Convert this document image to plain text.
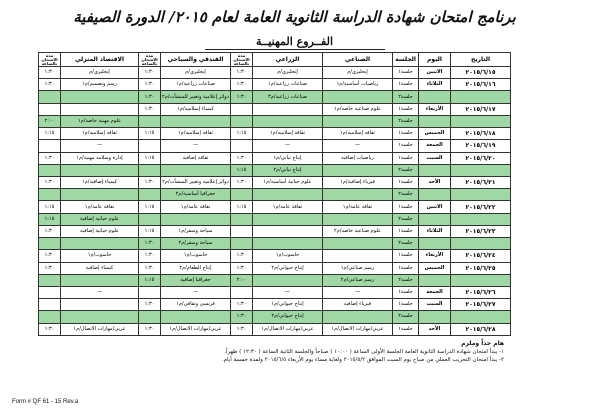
برنامج امتحان شهادة الدراسة الثانوية العامة لعام ٢٠١٥/ الدورة الصيفية
الفــروع المهنيــة
التاريخ	اليوم	الجلسة	الصناعي	الزراعي	مدة الامتحان بالساعة	الفندقي والسياحي	مدة الامتحان بالساعة	الاقتصاد المنزلي	مدة الامتحان بالساعة
٢٠١٥/٦/١٥	الاثنين	جلسة١	إنجليزي/م	إنجليزي/م	١:٣٠	إنجليزي/م	١:٣٠	إنجليزي/م	١:٣٠
٢٠١٥/٦/١٦	الثلاثاء	جلسة١	رياضيات أساسية/م١	صناعات زراعية/م١	١:٣٠	صناعات زراعية/م١	١:٣٠	رسم وتصميم/م١	١:٣٠
		جلسة٢		صناعات زراعية/م٣	١:٣٠	دوائر إعلامية وتغيير للمنشآت/م٢	١:٣٠		
٢٠١٥/٦/١٧	الأربعاء	جلسة١	علوم صناعية خاصة/م١			كيمياء إسلامية/م١	١:٣٠		
		جلسة٢						علوم مهنية خاصة/م١	٢:٠٠
٢٠١٥/٦/١٨	الخميس	جلسة١	ثقافة إسلامية/م١	ثقافة إسلامية/م١	١:١٥	ثقافة إسلامية/م١	١:١٥	ثقافة إسلامية/م١	١:١٥
٢٠١٥/٦/١٩	الجمعة	جلسة١	—	—		—		—	
٢٠١٥/٦/٢٠	السبت	جلسة١	رياضيات إضافية	إنتاج نباتي/م١	١:٣٠	ثقافة إضافية	١:١٥	إدارة وسلامة مهنية/م١	١:٣٠
		جلسة٢		إنتاج نباتي/م٢	١:١٥				
٢٠١٥/٦/٢١	الأحد	جلسة١	فيزياء إضافية/م١	علوم حياتية أساسية/م١	١:٣٠	دوائر إعلامية وتغيير المنشآت/م٢	١:٣٠	كيمياء إضافية/م١	١:٣٠
		جلسة٢				جغرافيا أساسية/م٢			
٢٠١٥/٦/٢٢	الاثنين	جلسة١	ثقافة عامة/م١	ثقافة عامة/م١	١:١٥	ثقافة عامة/م١	١:١٥	ثقافة عامة/م١	١:١٥
		جلسة٢						علوم حياتية إضافية	١:١٥
٢٠١٥/٦/٢٣	الثلاثاء	جلسة١	علوم صناعية خاصة/م٢			سياحة وسفر/م١	١:١٥	علوم حياتية إضافية	١:٣٠
		جلسة٢				سياحة وسفر/م٢	١:٣٠		
٢٠١٥/٦/٢٤	الأربعاء	جلسة١		حاسوب/م١	١:٣٠	حاسوب/م١	١:٣٠	حاسوب/م١	١:٣٠
٢٠١٥/٦/٢٥	الخميس	جلسة١	رسم صناعي/م١	إنتاج حيواني/م٢	١:٣٠	إنتاج الطعام/م٢	١:٣٠	كيمياء إضافية	١:٣٠
		جلسة٢	رسم صناعي/م٢		٢:٠٠	جغرافيا إضافية	١:١٥		
٢٠١٥/٦/٢٦	الجمعة	جلسة١	—	—		—		—	
٢٠١٥/٦/٢٧	السبت	جلسة١	فيزياء إضافية	إنتاج حيواني/م١	١:٣٠	فرنسي وثقافي/م١	١:٣٠		
		جلسة٢		إنتاج حيواني/م٢	١:٣٠				
٢٠١٥/٦/٢٨	الأحد	جلسة١	عربي/مهارات الاتصال/م١	عربي/مهارات الاتصال/م١	١:٣٠	عربي/مهارات الاتصال/م١	١:٣٠	عربي/مهارات الاتصال/م١	١:٣٠
هام جداً وملزم
١- يبدأ امتحان شهادة الدراسة الثانوية العامة الجلسة الأولى الساعة ( ١٠:٠٠ ) صباحاً والجلسة الثانية الساعة ( ١٢:٣٠ ) ظهراً.
٢- يبدأ امتحان التجريب العملي من صباح يوم السبت الموافق ٢٠١٥/٥/٢ ولغاية مساء يوم الأربعاء ٢٠١٥/٦/٥ ولمدة خمسة أيام.
Form # QF 61 - 15 Rev.a
